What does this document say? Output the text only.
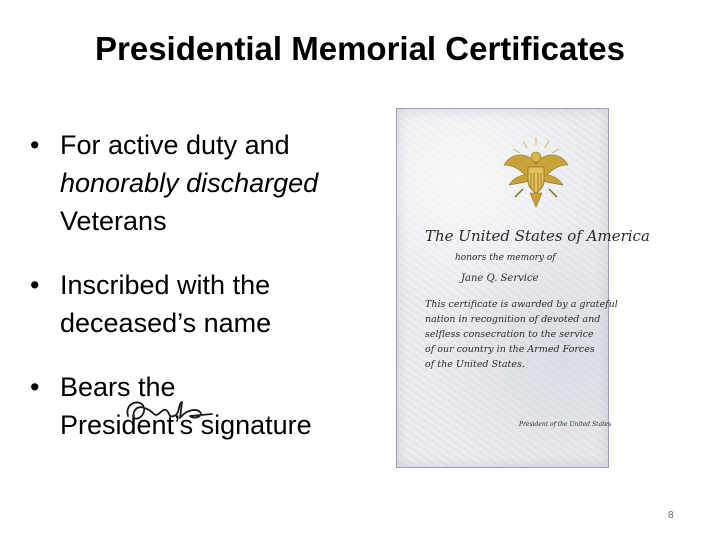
Presidential Memorial Certificates
• For active duty and
honorably discharged
Veterans
• Inscribed with the
deceased’s name
• Bears the
President’s signature
The United States of America
honors the memory of
Jane Q. Service
This certificate is awarded by a grateful
nation in recognition of devoted and
selfless consecration to the service
of our country in the Armed Forces
of the United States.
President of the United States
8
